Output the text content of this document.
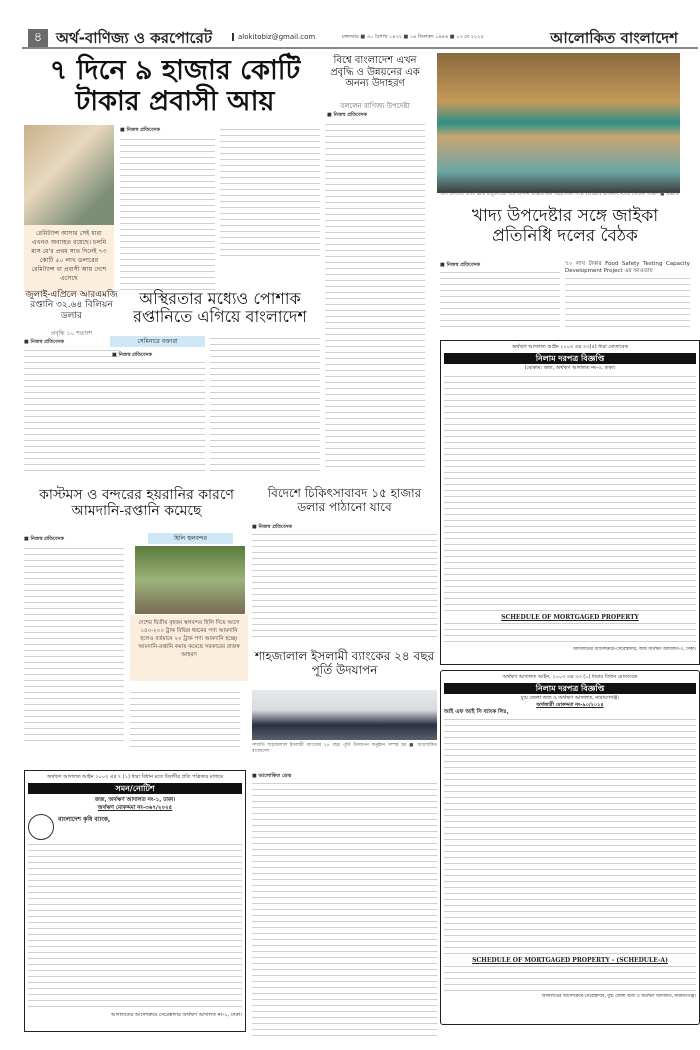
৪ অর্থ-বাণিজ্য ও করপোরেট	alokitobiz@gmail.com	মঙ্গলবার ■ ৩০ বৈশাখ ১৪৩২ ■ ১৪ জিলকদ ১৪৪৬ ■ ১৩ মে ২০২৫	আলোকিত বাংলাদেশ
৭ দিনে ৯ হাজার কোটি টাকার প্রবাসী আয়
রেমিট্যান্স আসার সেই ধারা এখনও অব্যাহত রয়েছে। চলমি মাস মে'র প্রথম সাত দিনেই ৭৩ কোটি ৫০ লাখ ডলারের রেমিট্যান্স বা প্রবাসী আয় দেশে এসেছে
■ নিজস্ব প্রতিবেদক
বিশ্বে বাংলাদেশ এখন প্রবৃদ্ধি ও উন্নয়নের এক অনন্য উদাহরণ
বললেন বাণিজ্য উপদেষ্টা
■ নিজস্ব প্রতিবেদক
খাদ্য উপদেষ্টা আলী ইমাম মজুমদারের সঙ্গে জাপান আন্তর্জাতিক সহযোগিতা সংস্থা (জাইকা) প্রতিনিধি দলের সৌজন্য সাক্ষাৎ ■ বিজ্ঞপ্তি
খাদ্য উপদেষ্টার সঙ্গে জাইকা প্রতিনিধি দলের বৈঠক
■ নিজস্ব প্রতিবেদক	৭০ লাখ টাকার Food Safety Testing Capacity Development Project এর আওতায়
জুলাই-এপ্রিলে আরএমজি রপ্তানি ৩২.৬৪ বিলিয়ন ডলার
প্রবৃদ্ধি ১০ শতাংশ
■ নিজস্ব প্রতিবেদক
অস্থিরতার মধ্যেও পোশাক রপ্তানিতে এগিয়ে বাংলাদেশ
সেমিনারে বক্তারা
■ নিজস্ব প্রতিবেদক
কাস্টমস ও বন্দরের হয়রানির কারণে আমদানি-রপ্তানি কমেছে
■ নিজস্ব প্রতিবেদক	হিলি স্থলবন্দর
দেশের দ্বিতীয় বৃহত্তম স্থলবন্দর হিলি দিয়ে আগে ১৫০-২০০ ট্রাক বিভিন্ন ধরনের পণ্য আমদানি হলেও বর্তমানে ২০ ট্রাক পণ্য আমদানি হচ্ছে। আমদানি-রপ্তানি কমায় কমেছে সরকারের রাজস্ব আহরণ
বিদেশে চিকিৎসাবাবদ ১৫ হাজার ডলার পাঠানো যাবে
■ নিজস্ব প্রতিবেদক
শাহজালাল ইসলামী ব্যাংকের ২৪ বছর পূর্তি উদযাপন
সম্প্রতি শাহজালাল ইসলামী ব্যাংকের ২৪ বছর পূর্তি উদযাপন অনুষ্ঠান সম্পন্ন হয় ■ আলোকিত বাংলাদেশ
■ আলোকিত ডেস্ক
অর্থঋণ আদালত আইন ২০০৩ এর ৭ (১) ধারা বিধান মতে বিবাদীর প্রতি পত্রিকার মাধ্যমে
সমন/নোটিশ
জজ, অর্থঋণ আদালত নং-১, ঢাকা।
অর্থঋণ মোকদ্দমা নং-৩৬৭/২০২৫
বাংলাদেশ কৃষি ব্যাংক,
আদালতের আদেশক্রমে সেরেস্তাদার অর্থঋণ আদালত নং-১, ঢাকা।
অর্থঋণ আদালত আইন ২০০৩ এর ৩৩(৫) ধারা মোতাবেক
নিলাম দরপত্র বিজ্ঞপ্তি
(মোকাম: জজ, অর্থঋণ আদালত নং-৩, ঢাকা।
SCHEDULE OF MORTGAGED PROPERTY
আদালতের আদেশক্রমে-সেরেস্তাদার, জজ অর্থঋণ আদালত-৩, ঢাকা।
অর্থঋণ আদালত আইন, ২০০৩ এর ৩৩ (১) ধারার বিধান মোতাবেক
নিলাম দরপত্র বিজ্ঞপ্তি
যুগ্ম জেলা জজ ও অর্থঋণ আদালত, নারায়ণগঞ্জ।
অর্থজারী মোকদ্দমা নং-৯০/২০১৪
আই এফ আই সি ব্যাংক লিঃ,
SCHEDULE OF MORTGAGED PROPERTY - (SCHEDULE-A)
আদালতের আদেশক্রমে-সেরেস্তাদার, যুগ্ম জেলা জজ ও অর্থঋণ আদালত, নারায়ণগঞ্জ।
